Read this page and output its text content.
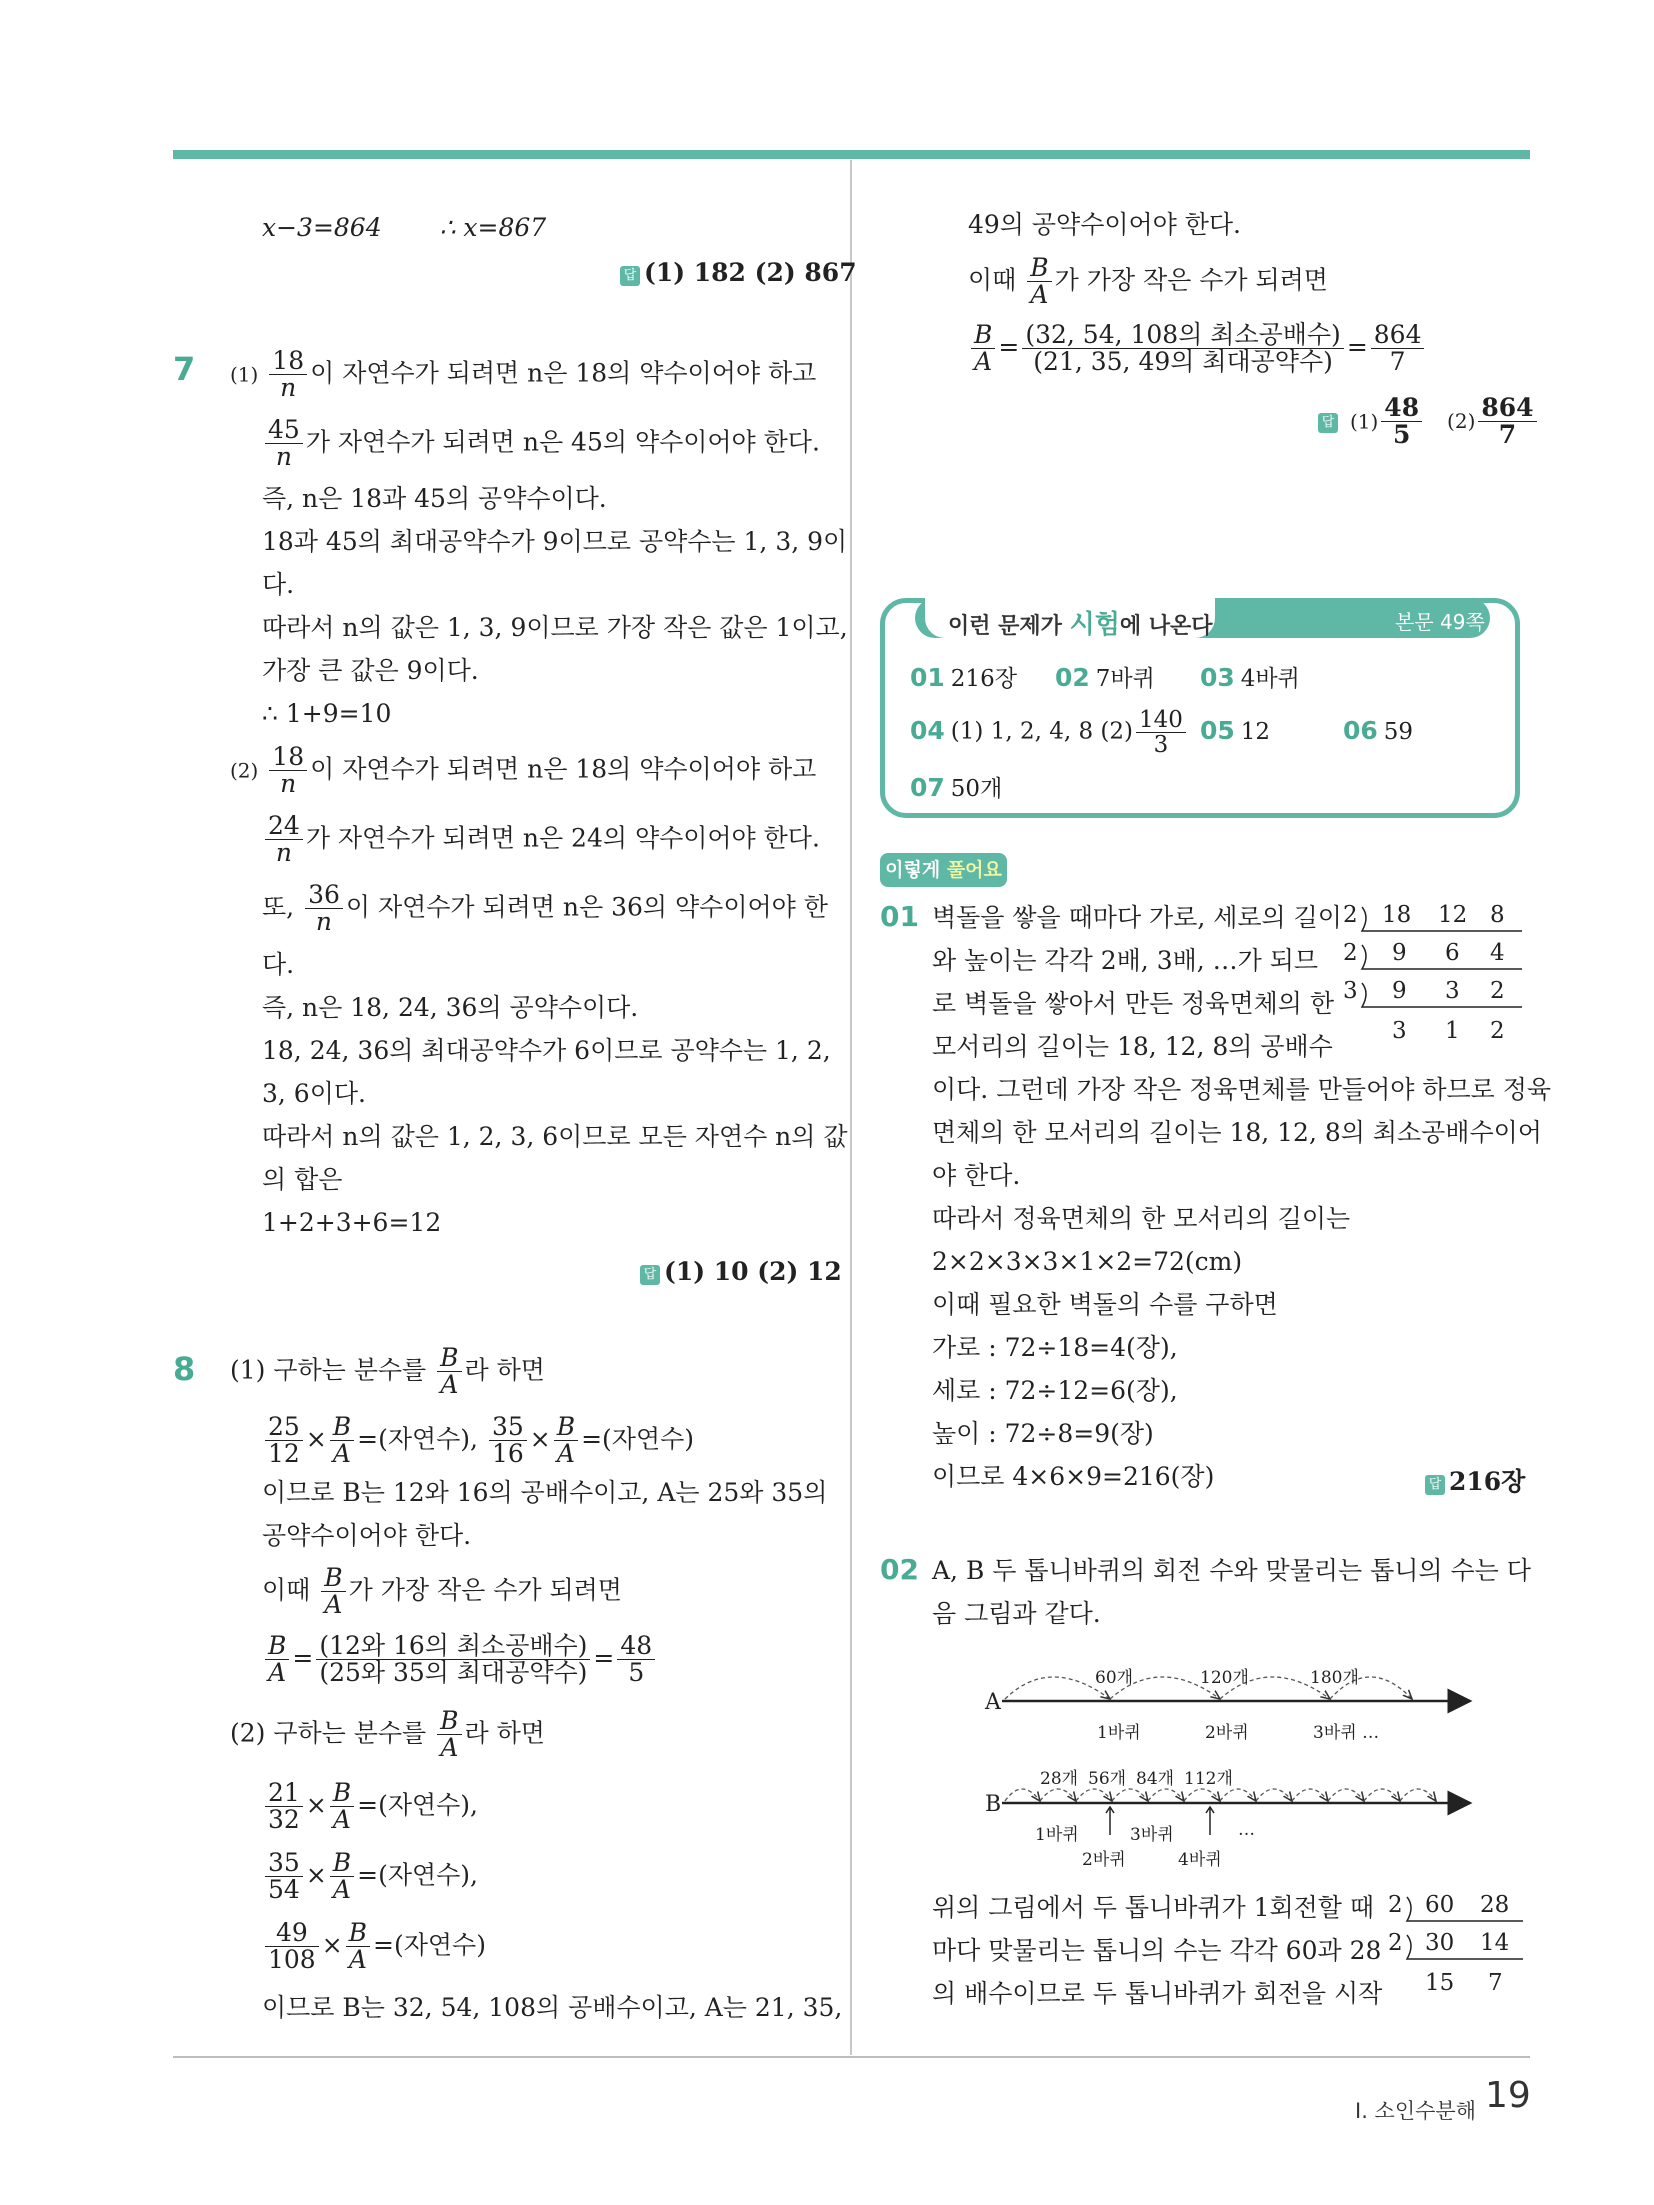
x−3=864 ∴ x=867
답 (1) 182 (2) 867
7 $(1) \frac{18}{n}$ 이 자연수가 되려면 n은 18의 약수이어야 하고
$\frac{45}{n}$ 가 자연수가 되려면 n은 45의 약수이어야 한다.
즉, n은 18과 45의 공약수이다.
18과 45의 최대공약수가 9이므로 공약수는 1, 3, 9이
다.
따라서 n의 값은 1, 3, 9이므로 가장 작은 값은 1이고,
가장 큰 값은 9이다.
∴ 1+9=10
$(2) \frac{18}{n}$ 이 자연수가 되려면 n은 18의 약수이어야 하고
$\frac{24}{n}$ 가 자연수가 되려면 n은 24의 약수이어야 한다.
또, $\frac{36}{n}$ 이 자연수가 되려면 n은 36의 약수이어야 한
다.
즉, n은 18, 24, 36의 공약수이다.
18, 24, 36의 최대공약수가 6이므로 공약수는 1, 2,
3, 6이다.
따라서 n의 값은 1, 2, 3, 6이므로 모든 자연수 n의 값
의 합은
1+2+3+6=12
답 (1) 10 (2) 12
8 (1) 구하는 분수를 $\frac{B}{A}$ 라 하면
$\frac{25}{12} \times \frac{B}{A}$ =(자연수), $\frac{35}{16} \times \frac{B}{A}$ =(자연수)
이므로 B는 12와 16의 공배수이고, A는 25와 35의
공약수이어야 한다.
이때 $\frac{B}{A}$ 가 가장 작은 수가 되려면
$\frac{B}{A} = \frac{\text{(12와 16의 최소공배수)}}{\text{(25와 35의 최대공약수)}} = \frac{48}{5}$
(2) 구하는 분수를 $\frac{B}{A}$ 라 하면
$\frac{21}{32} \times \frac{B}{A}$ =(자연수),
$\frac{35}{54} \times \frac{B}{A}$ =(자연수),
$\frac{49}{108} \times \frac{B}{A}$ =(자연수)
이므로 B는 32, 54, 108의 공배수이고, A는 21, 35,
49의 공약수이어야 한다.
이때 $\frac{B}{A}$ 가 가장 작은 수가 되려면
$\frac{B}{A} = \frac{\text{(32, 54, 108의 최소공배수)}}{\text{(21, 35, 49의 최대공약수)}} = \frac{864}{7}$
답 $(1) \frac{48}{5} (2) \frac{864}{7}$
이런 문제가 시험에 나온다	본문 49쪽
01 216장 02 7바퀴 03 4바퀴
04 (1) 1, 2, 4, 8 $(2) \frac{140}{3} 05$ 12	06 59
07 50개
이렇게 풀어요
01 벽돌을 쌓을 때마다 가로, 세로의 길이
와 높이는 각각 2배, 3배, …가 되므
로 벽돌을 쌓아서 만든 정육면체의 한
모서리의 길이는 18, 12, 8의 공배수
이다. 그런데 가장 작은 정육면체를 만들어야 하므로 정육
면체의 한 모서리의 길이는 18, 12, 8의 최소공배수이어
야 한다.
따라서 정육면체의 한 모서리의 길이는
2×2×3×3×1×2=72(cm)
이때 필요한 벽돌의 수를 구하면
가로 : 72÷18=4(장),
세로 : 72÷12=6(장),
높이 : 72÷8=9(장)
이므로 4×6×9=216(장)	답 216장
2 18 12 8
2 9 6 4
3 9 3 2
3 1 2
02 A, B 두 톱니바퀴의 회전 수와 맞물리는 톱니의 수는 다
음 그림과 같다.
A
B
60개	120개	180개
1바퀴	2바퀴	3바퀴 …
28개 56개 84개 112개
1바퀴	3바퀴	…
2바퀴	4바퀴
위의 그림에서 두 톱니바퀴가 1회전할 때
마다 맞물리는 톱니의 수는 각각 60과 28
의 배수이므로 두 톱니바퀴가 회전을 시작
2 60 28
2 30 14
15 7
Ⅰ. 소인수분해 19
